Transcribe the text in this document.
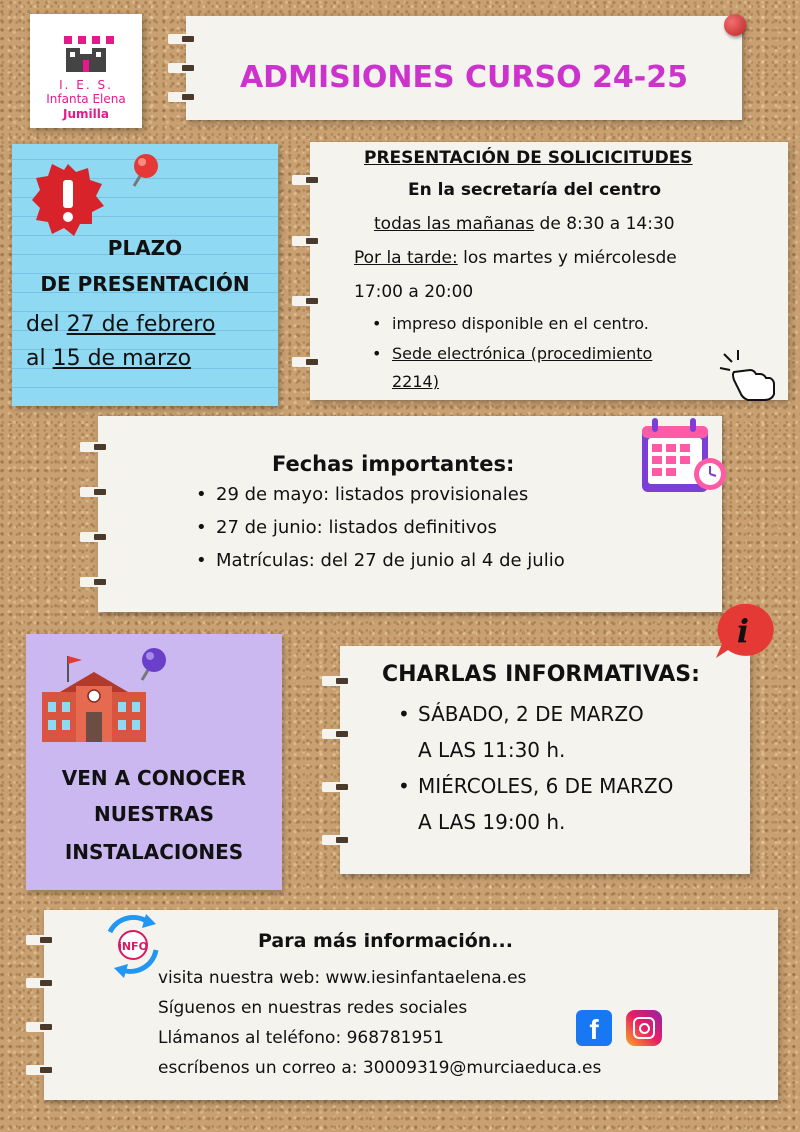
I. E. S.
Infanta Elena
Jumilla
ADMISIONES CURSO 24-25
PLAZO
DE PRESENTACIÓN
del 27 de febrero
al 15 de marzo
PRESENTACIÓN DE SOLICICITUDES
En la secretaría del centro
todas las mañanas de 8:30 a 14:30
Por la tarde: los martes y miércolesde
17:00 a 20:00
• impreso disponible en el centro.
• Sede electrónica (procedimiento
2214)
Fechas importantes:
• 29 de mayo: listados provisionales
• 27 de junio: listados definitivos
• Matrículas: del 27 de junio al 4 de julio
VEN A CONOCER
NUESTRAS
INSTALACIONES
CHARLAS INFORMATIVAS:
• SÁBADO, 2 DE MARZO
A LAS 11:30 h.
• MIÉRCOLES, 6 DE MARZO
A LAS 19:00 h.
i
iNFO	Para más información...
visita nuestra web: www.iesinfantaelena.es
Síguenos en nuestras redes sociales
Llámanos al teléfono: 968781951
escríbenos un correo a: 30009319@murciaeduca.es
f
